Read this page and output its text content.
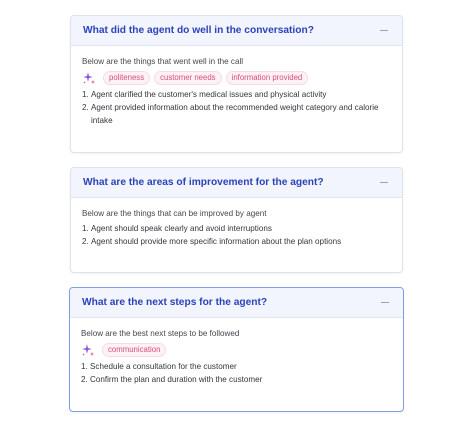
What did the agent do well in the conversation?
Below are the things that went well in the call
politeness	customer needs	information provided
1. Agent clarified the customer's medical issues and physical activity
2. Agent provided information about the recommended weight category and calorie intake
What are the areas of improvement for the agent?
Below are the things that can be improved by agent
1. Agent should speak clearly and avoid interruptions
2. Agent should provide more specific information about the plan options
What are the next steps for the agent?
Below are the best next steps to be followed
communication
1. Schedule a consultation for the customer
2. Confirm the plan and duration with the customer
